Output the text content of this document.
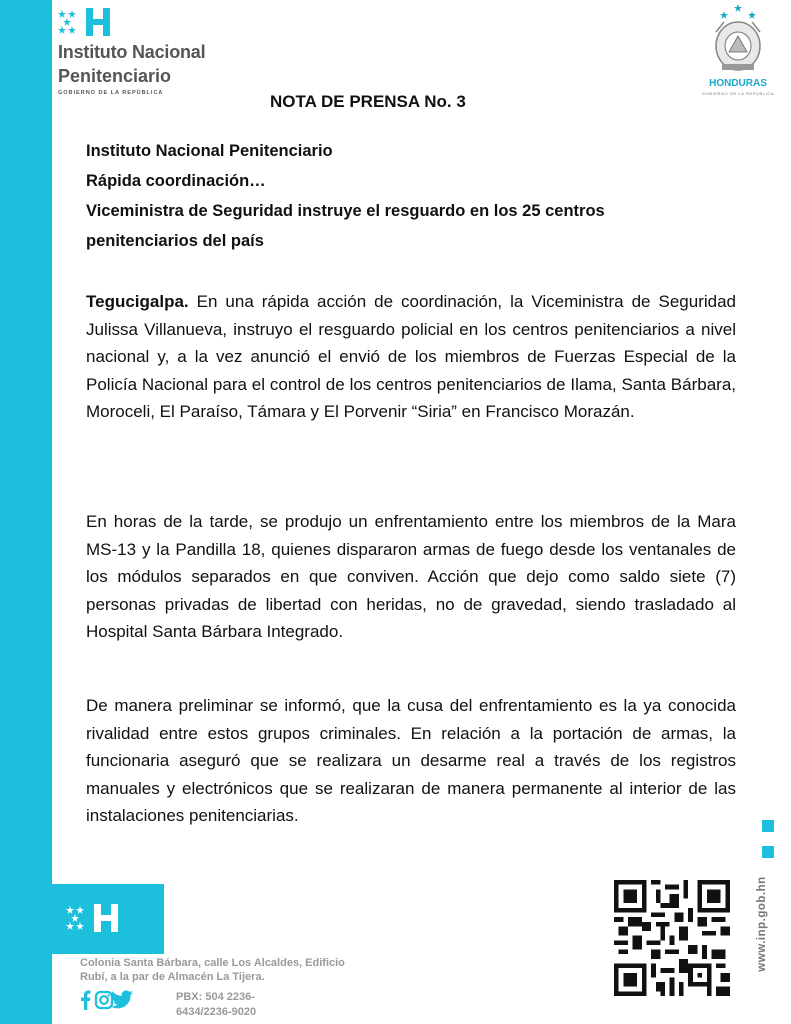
Instituto Nacional
Penitenciario
GOBIERNO DE LA REPÚBLICA
HONDURAS
GOBIERNO DE LA REPÚBLICA
NOTA DE PRENSA No. 3
Instituto Nacional Penitenciario
Rápida coordinación…
Viceministra de Seguridad instruye el resguardo en los 25 centros
penitenciarios del país
Tegucigalpa. En una rápida acción de coordinación, la Viceministra de Seguridad Julissa Villanueva, instruyo el resguardo policial en los centros penitenciarios a nivel nacional y, a la vez anunció el envió de los miembros de Fuerzas Especial de la Policía Nacional para el control de los centros penitenciarios de Ilama, Santa Bárbara, Moroceli, El Paraíso, Támara y El Porvenir “Siria” en Francisco Morazán.
En horas de la tarde, se produjo un enfrentamiento entre los miembros de la Mara MS-13 y la Pandilla 18, quienes dispararon armas de fuego desde los ventanales de los módulos separados en que conviven. Acción que dejo como saldo siete (7) personas privadas de libertad con heridas, no de gravedad, siendo trasladado al Hospital Santa Bárbara Integrado.
De manera preliminar se informó, que la cusa del enfrentamiento es la ya conocida rivalidad entre estos grupos criminales. En relación a la portación de armas, la funcionaria aseguró que se realizara un desarme real a través de los registros manuales y electrónicos que se realizaran de manera permanente al interior de las instalaciones penitenciarias.
Colonia Santa Bárbara, calle Los Alcaldes, Edificio
Rubí, a la par de Almacén La Tijera.
PBX: 504 2236-
6434/2236-9020
www.inp.gob.hn
